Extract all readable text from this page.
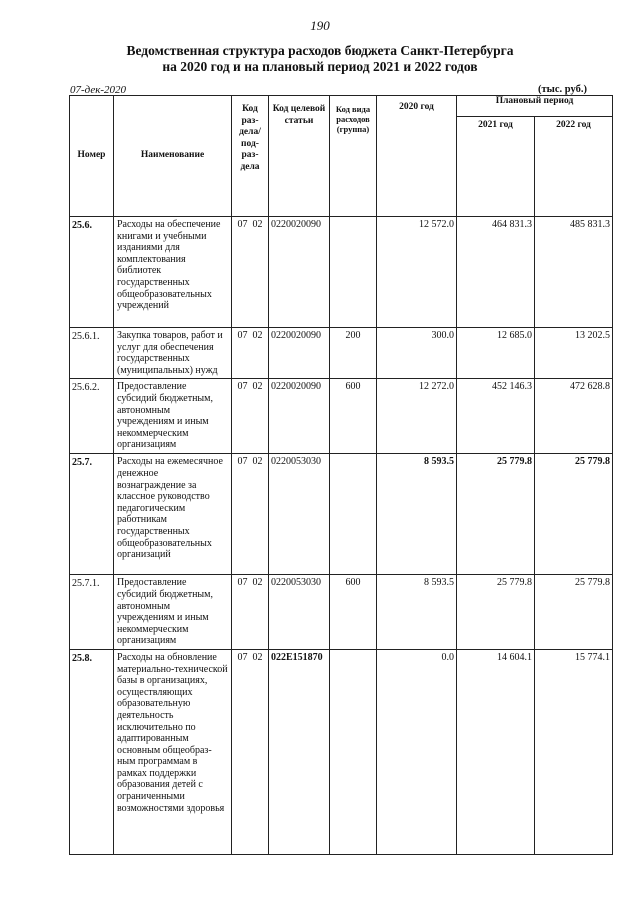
190
Ведомственная структура расходов бюджета Санкт-Петербурга
на 2020 год и на плановый период 2021 и 2022 годов
07-дек-2020	(тыс. руб.)
Номер	Наименование	Код раз-дела/ под-раз-дела	Код целевой статьи	Код вида расходов (группа)	2020 год	Плановый период	
						2021 год	2022 год
25.6.	Расходы на обеспечение книгами и учебными изданиями для комплектования библиотек государственных общеобразовательных учреждений	07 02	0220020090		12 572.0	464 831.3	485 831.3
25.6.1.	Закупка товаров, работ и услуг для обеспечения государственных (муниципальных) нужд	07 02	0220020090	200	300.0	12 685.0	13 202.5
25.6.2.	Предоставление субсидий бюджетным, автономным учреждениям и иным некоммерческим организациям	07 02	0220020090	600	12 272.0	452 146.3	472 628.8
25.7.	Расходы на ежемесячное денежное вознаграждение за классное руководство педагогическим работникам государственных общеобразовательных организаций	07 02	0220053030		8 593.5	25 779.8	25 779.8
25.7.1.	Предоставление субсидий бюджетным, автономным учреждениям и иным некоммерческим организациям	07 02	0220053030	600	8 593.5	25 779.8	25 779.8
25.8.	Расходы на обновление материально-технической базы в организациях, осуществляющих образовательную деятельность исключительно по адаптированным основным общеобраз-ным программам в рамках поддержки образования детей с ограниченными возможностями здоровья	07 02	022E151870		0.0	14 604.1	15 774.1
